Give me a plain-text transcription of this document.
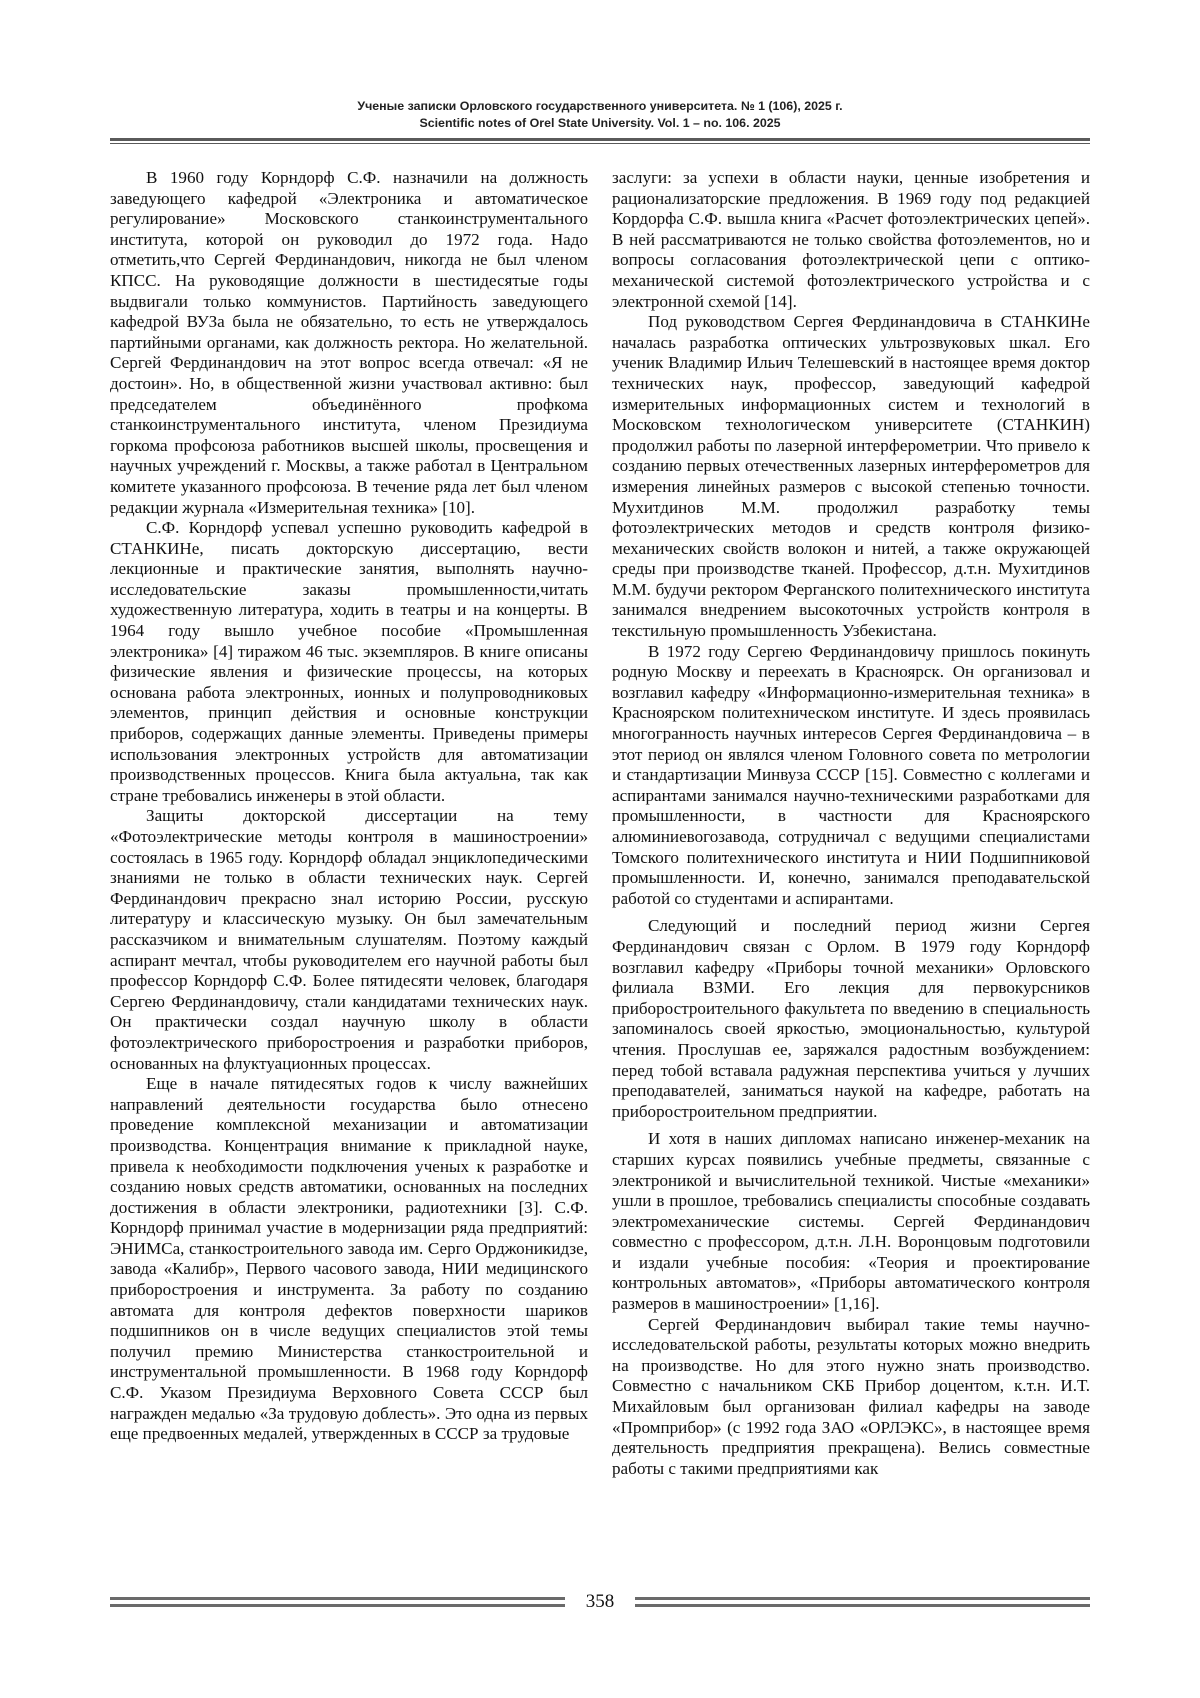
Ученые записки Орловского государственного университета. № 1 (106), 2025 г.
Scientific notes of Orel State University. Vol. 1 – no. 106. 2025

В 1960 году Корндорф С.Ф. назначили на должность заведующего кафедрой «Электроника и автоматическое регулирование» Московского станкоинструментального института, которой он руководил до 1972 года. Надо отметить,что Сергей Фердинандович, никогда не был членом КПСС. На руководящие должности в шестидесятые годы выдвигали только коммунистов. Партийность заведующего кафедрой ВУЗа была не обязательно, то есть не утверждалось партийными органами, как должность ректора. Но желательной. Сергей Фердинандович на этот вопрос всегда отвечал: «Я не достоин». Но, в общественной жизни участвовал активно: был председателем объединённого профкома станкоинструментального института, членом Президиума горкома профсоюза работников высшей школы, просвещения и научных учреждений г. Москвы, а также работал в Центральном комитете указанного профсоюза. В течение ряда лет был членом редакции журнала «Измерительная техника» [10].

С.Ф. Корндорф успевал успешно руководить кафедрой в СТАНКИНе, писать докторскую диссертацию, вести лекционные и практические занятия, выполнять научно-исследовательские заказы промышленности,читать художественную литература, ходить в театры и на концерты. В 1964 году вышло учебное пособие «Промышленная электроника» [4] тиражом 46 тыс. экземпляров. В книге описаны физические явления и физические процессы, на которых основана работа электронных, ионных и полупроводниковых элементов, принцип действия и основные конструкции приборов, содержащих данные элементы. Приведены примеры использования электронных устройств для автоматизации производственных процессов. Книга была актуальна, так как стране требовались инженеры в этой области.

Защиты докторской диссертации на тему «Фотоэлектрические методы контроля в машиностроении» состоялась в 1965 году. Корндорф обладал энциклопедическими знаниями не только в области технических наук. Сергей Фердинандович прекрасно знал историю России, русскую литературу и классическую музыку. Он был замечательным рассказчиком и внимательным слушателям. Поэтому каждый аспирант мечтал, чтобы руководителем его научной работы был профессор Корндорф С.Ф. Более пятидесяти человек, благодаря Сергею Фердинандовичу, стали кандидатами технических наук. Он практически создал научную школу в области фотоэлектрического приборостроения и разработки приборов, основанных на флуктуационных процессах.

Еще в начале пятидесятых годов к числу важнейших направлений деятельности государства было отнесено проведение комплексной механизации и автоматизации производства. Концентрация внимание к прикладной науке, привела к необходимости подключения ученых к разработке и созданию новых средств автоматики, основанных на последних достижения в области электроники, радиотехники [3]. С.Ф. Корндорф принимал участие в модернизации ряда предприятий: ЭНИМСа, станкостроительного завода им. Серго Орджоникидзе, завода «Калибр», Первого часового завода, НИИ медицинского приборостроения и инструмента. За работу по созданию автомата для контроля дефектов поверхности шариков подшипников он в числе ведущих специалистов этой темы получил премию Министерства станкостроительной и инструментальной промышленности. В 1968 году Корндорф С.Ф. Указом Президиума Верховного Совета СССР был награжден медалью «За трудовую доблесть». Это одна из первых еще предвоенных медалей, утвержденных в СССР за трудовые

заслуги: за успехи в области науки, ценные изобретения и рационализаторские предложения. В 1969 году под редакцией Кордорфа С.Ф. вышла книга «Расчет фотоэлектрических цепей». В ней рассматриваются не только свойства фотоэлементов, но и вопросы согласования фотоэлектрической цепи с оптико-механической системой фотоэлектрического устройства и с электронной схемой [14].

Под руководством Сергея Фердинандовича в СТАНКИНе началась разработка оптических ультрозвуковых шкал. Его ученик Владимир Ильич Телешевский в настоящее время доктор технических наук, профессор, заведующий кафедрой измерительных информационных систем и технологий в Московском технологическом университете (СТАНКИН) продолжил работы по лазерной интерферометрии. Что привело к созданию первых отечественных лазерных интерферометров для измерения линейных размеров с высокой степенью точности. Мухитдинов М.М. продолжил разработку темы фотоэлектрических методов и средств контроля физико-механических свойств волокон и нитей, а также окружающей среды при производстве тканей. Профессор, д.т.н. Мухитдинов М.М. будучи ректором Ферганского политехнического института занимался внедрением высокоточных устройств контроля в текстильную промышленность Узбекистана.

В 1972 году Сергею Фердинандовичу пришлось покинуть родную Москву и переехать в Красноярск. Он организовал и возглавил кафедру «Информационно-измерительная техника» в Красноярском политехническом институте. И здесь проявилась многогранность научных интересов Сергея Фердинандовича – в этот период он являлся членом Головного совета по метрологии и стандартизации Минвуза СССР [15]. Совместно с коллегами и аспирантами занимался научно-техническими разработками для промышленности, в частности для Красноярского алюминиевогозавода, сотрудничал с ведущими специалистами Томского политехнического института и НИИ Подшипниковой промышленности. И, конечно, занимался преподавательской работой со студентами и аспирантами.

Следующий и последний период жизни Сергея Фердинандович связан с Орлом. В 1979 году Корндорф возглавил кафедру «Приборы точной механики» Орловского филиала ВЗМИ. Его лекция для первокурсников приборостроительного факультета по введению в специальность запоминалось своей яркостью, эмоциональностью, культурой чтения. Прослушав ее, заряжался радостным возбуждением: перед тобой вставала радужная перспектива учиться у лучших преподавателей, заниматься наукой на кафедре, работать на приборостроительном предприятии.

И хотя в наших дипломах написано инженер-механик на старших курсах появились учебные предметы, связанные с электроникой и вычислительной техникой. Чистые «механики» ушли в прошлое, требовались специалисты способные создавать электромеханические системы. Сергей Фердинандович совместно с профессором, д.т.н. Л.Н. Воронцовым подготовили и издали учебные пособия: «Теория и проектирование контрольных автоматов», «Приборы автоматического контроля размеров в машиностроении» [1,16].

Сергей Фердинандович выбирал такие темы научно-исследовательской работы, результаты которых можно внедрить на производстве. Но для этого нужно знать производство. Совместно с начальником СКБ Прибор доцентом, к.т.н. И.Т. Михайловым был организован филиал кафедры на заводе «Промприбор» (с 1992 года ЗАО «ОРЛЭКС», в настоящее время деятельность предприятия прекращена). Велись совместные работы с такими предприятиями как

358
